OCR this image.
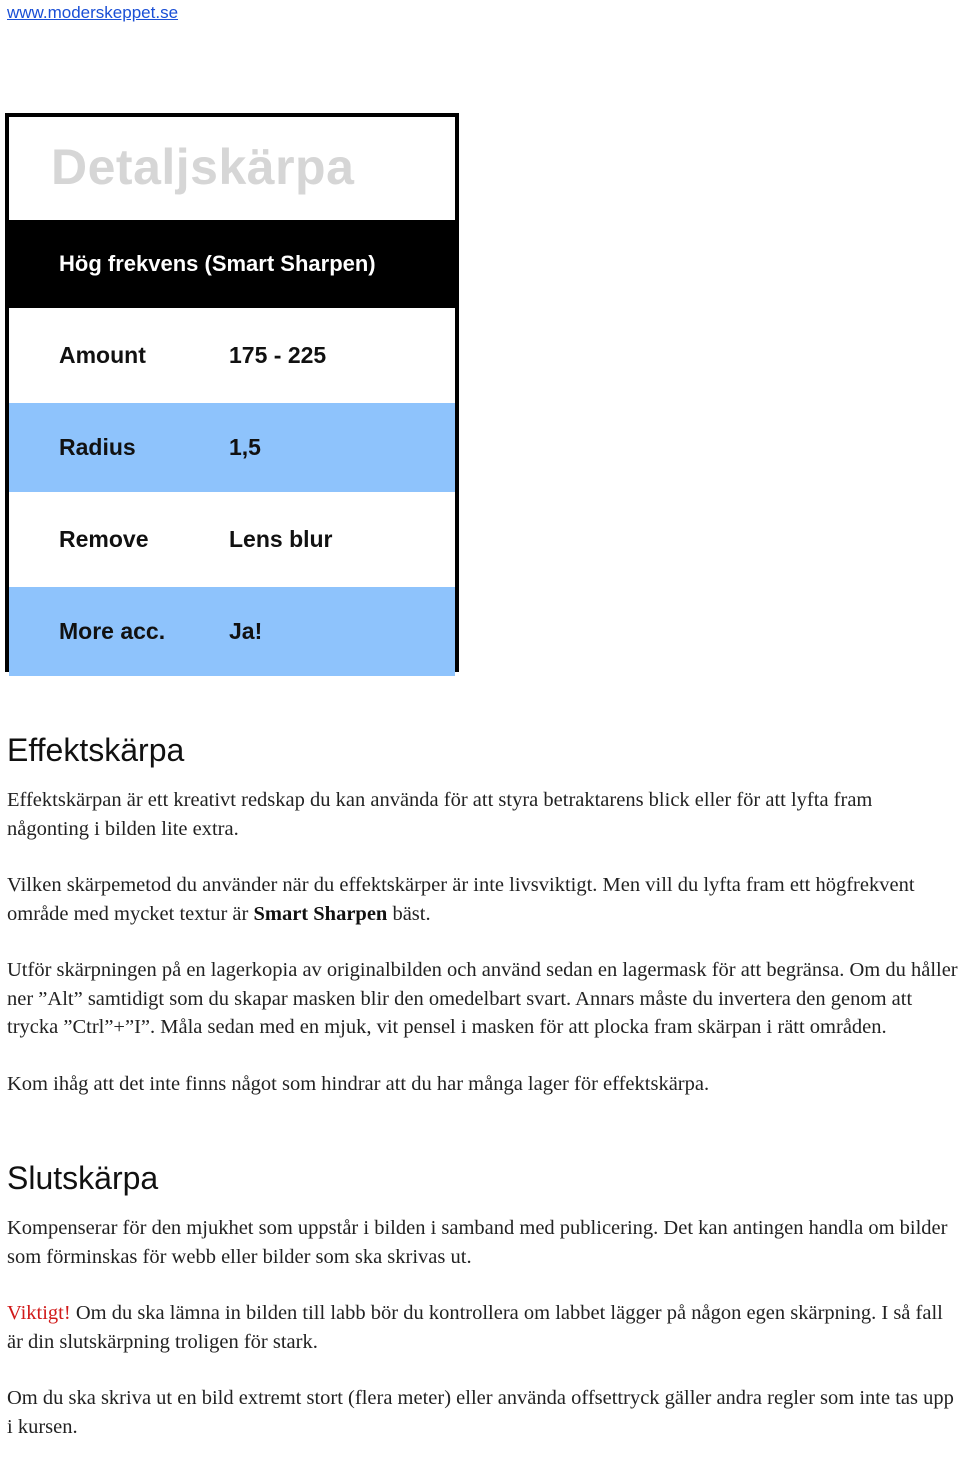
www.moderskeppet.se
Detaljskärpa
Hög frekvens (Smart Sharpen)
Amount	175 - 225
Radius	1,5
Remove	Lens blur
More acc.	Ja!
Effektskärpa

Effektskärpan är ett kreativt redskap du kan använda för att styra betraktarens blick eller för att lyfta fram någonting i bilden lite extra.

Vilken skärpemetod du använder när du effektskärper är inte livsviktigt. Men vill du lyfta fram ett högfrekvent område med mycket textur är Smart Sharpen bäst.

Utför skärpningen på en lagerkopia av originalbilden och använd sedan en lagermask för att begränsa. Om du håller ner ”Alt” samtidigt som du skapar masken blir den omedelbart svart. Annars måste du invertera den genom att trycka ”Ctrl”+”I”. Måla sedan med en mjuk, vit pensel i masken för att plocka fram skärpan i rätt områden.

Kom ihåg att det inte finns något som hindrar att du har många lager för effektskärpa.

Slutskärpa

Kompenserar för den mjukhet som uppstår i bilden i samband med publicering. Det kan antingen handla om bilder som förminskas för webb eller bilder som ska skrivas ut.

Viktigt! Om du ska lämna in bilden till labb bör du kontrollera om labbet lägger på någon egen skärpning. I så fall är din slutskärpning troligen för stark.

Om du ska skriva ut en bild extremt stort (flera meter) eller använda offsettryck gäller andra regler som inte tas upp i kursen.
